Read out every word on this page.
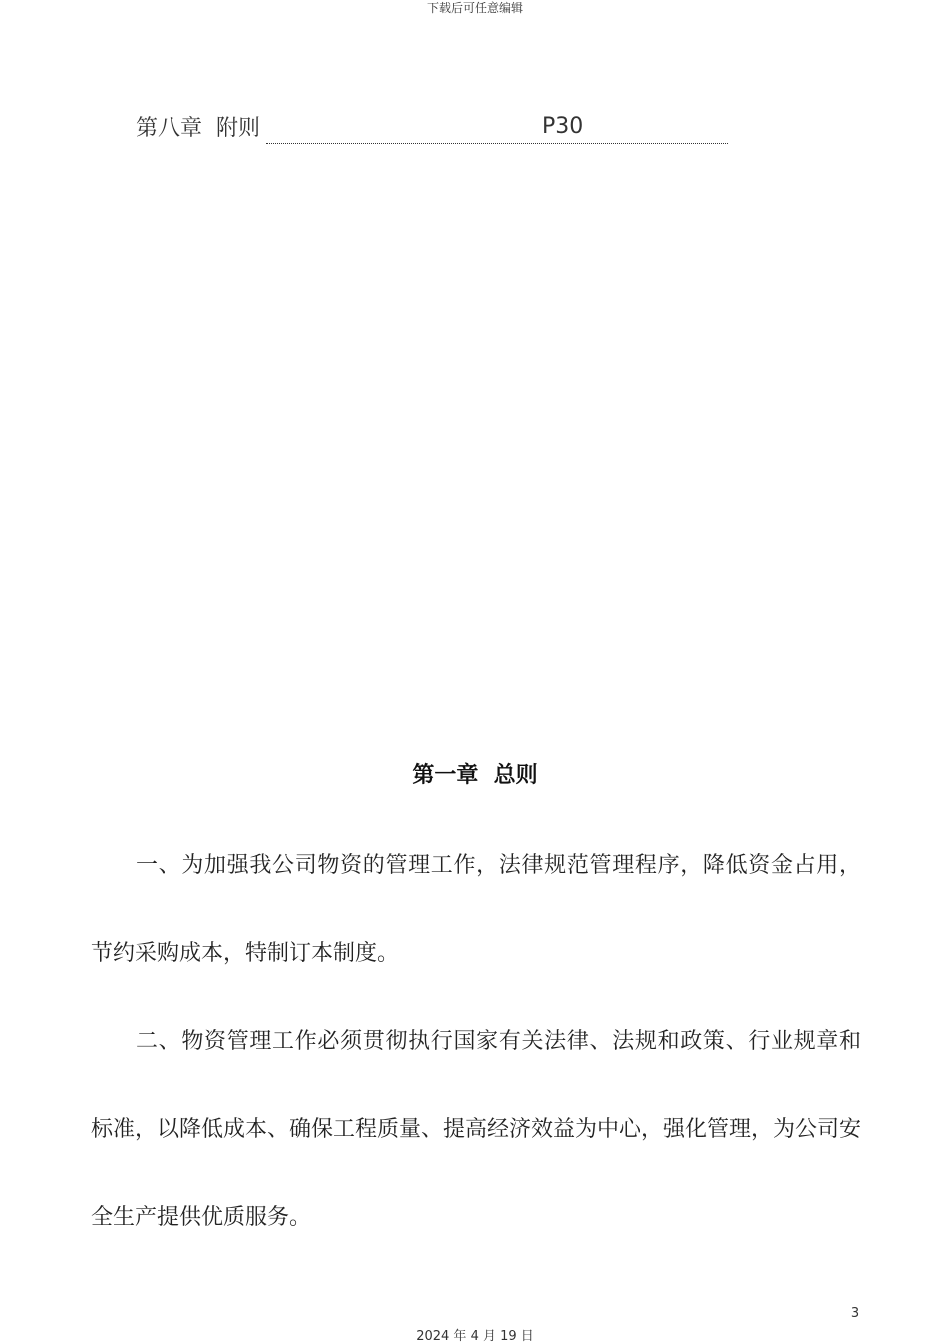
下载后可任意编辑
第八章  附则	P30
第一章  总则
一、为加强我公司物资的管理工作，法律规范管理程序，降低资金占用，节约采购成本，特制订本制度。
二、物资管理工作必须贯彻执行国家有关法律、法规和政策、行业规章和标准，以降低成本、确保工程质量、提高经济效益为中心，强化管理，为公司安全生产提供优质服务。
3
2024 年 4 月 19 日
